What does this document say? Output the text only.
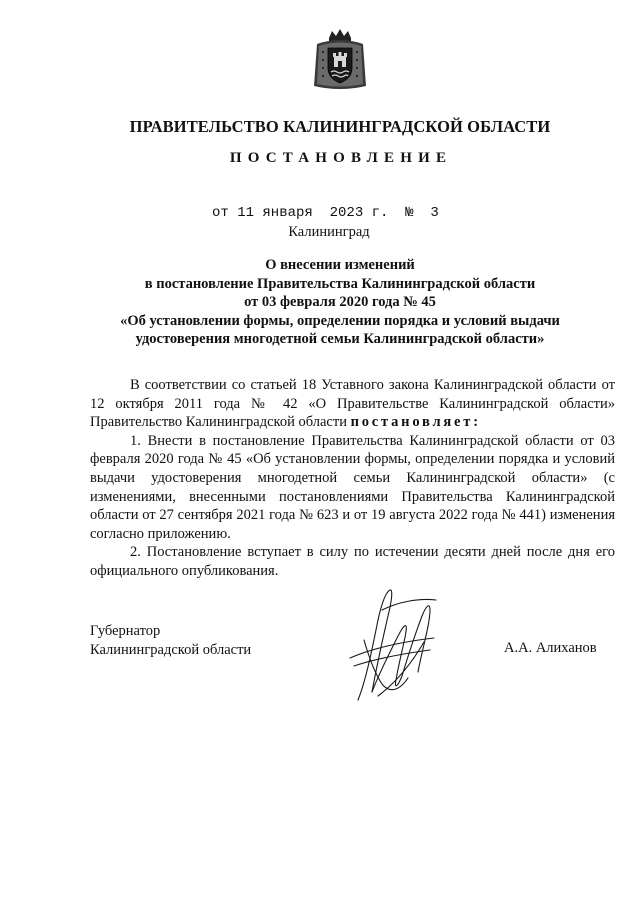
ПРАВИТЕЛЬСТВО КАЛИНИНГРАДСКОЙ ОБЛАСТИ
ПОСТАНОВЛЕНИЕ
от 11 января  2023 г.  №  3
Калининград
О внесении изменений
в постановление Правительства Калининградской области
от 03 февраля 2020 года № 45
«Об установлении формы, определении порядка и условий выдачи
удостоверения многодетной семьи Калининградской области»

В соответствии со статьей 18 Уставного закона Калининградской области от 12 октября 2011 года № 42 «О Правительстве Калининградской области» Правительство Калининградской области постановляет:

1. Внести в постановление Правительства Калининградской области от 03 февраля 2020 года № 45 «Об установлении формы, определении порядка и условий выдачи удостоверения многодетной семьи Калининградской области» (с изменениями, внесенными постановлениями Правительства Калининградской области от 27 сентября 2021 года № 623 и от 19 августа 2022 года № 441) изменения согласно приложению.

2. Постановление вступает в силу по истечении десяти дней после дня его официального опубликования.

Губернатор
Калининградской области	А.А. Алиханов
